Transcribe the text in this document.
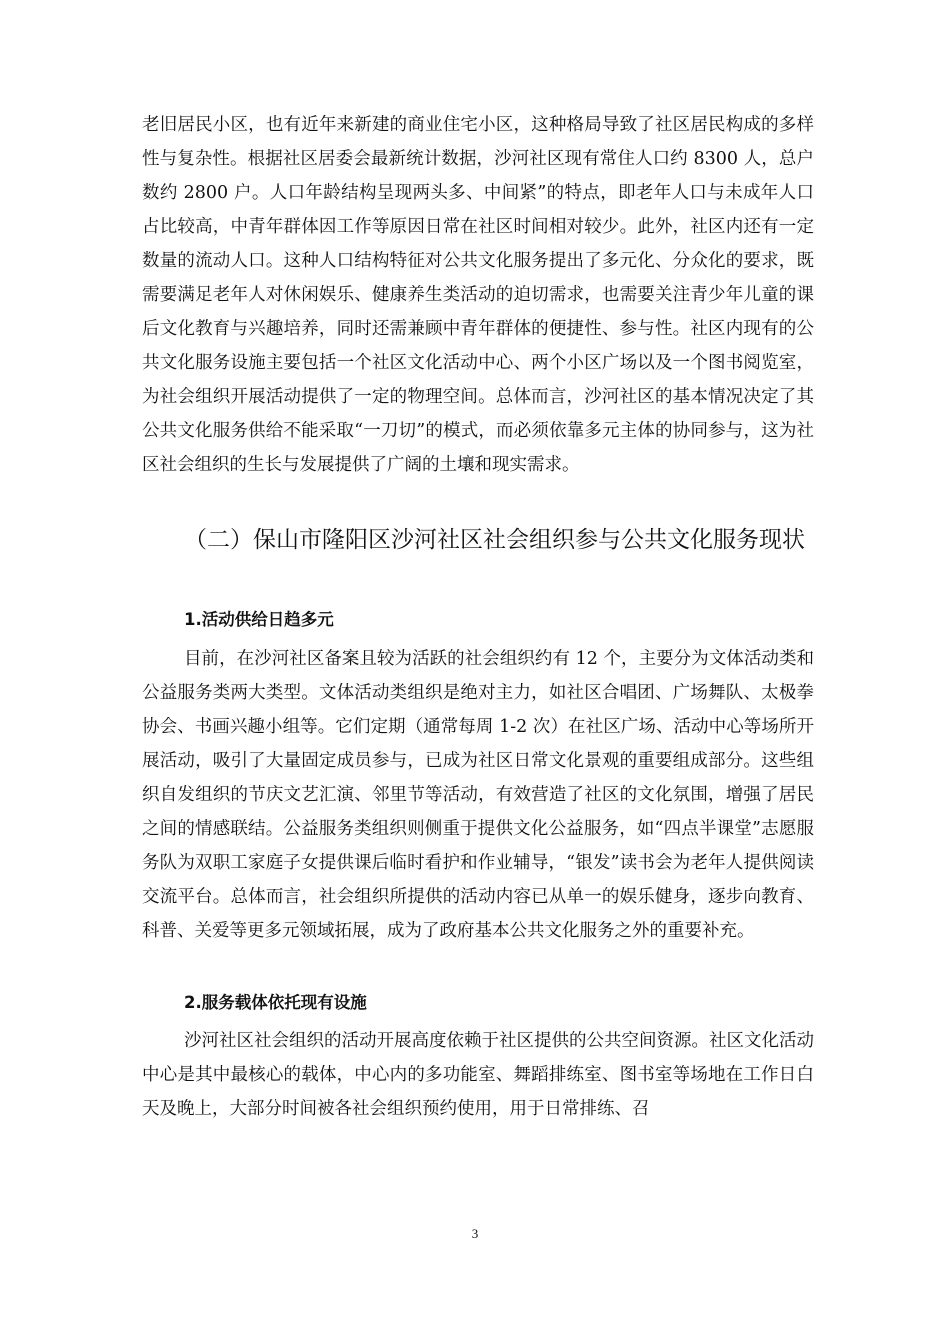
老旧居民小区，也有近年来新建的商业住宅小区，这种格局导致了社区居民构成的多样性与复杂性。根据社区居委会最新统计数据，沙河社区现有常住人口约 8300 人，总户数约 2800 户。人口年龄结构呈现两头多、中间紧”的特点，即老年人口与未成年人口占比较高，中青年群体因工作等原因日常在社区时间相对较少。此外，社区内还有一定数量的流动人口。这种人口结构特征对公共文化服务提出了多元化、分众化的要求，既需要满足老年人对休闲娱乐、健康养生类活动的迫切需求，也需要关注青少年儿童的课后文化教育与兴趣培养，同时还需兼顾中青年群体的便捷性、参与性。社区内现有的公共文化服务设施主要包括一个社区文化活动中心、两个小区广场以及一个图书阅览室，为社会组织开展活动提供了一定的物理空间。总体而言，沙河社区的基本情况决定了其公共文化服务供给不能采取“一刀切”的模式，而必须依靠多元主体的协同参与，这为社区社会组织的生长与发展提供了广阔的土壤和现实需求。

（二）保山市隆阳区沙河社区社会组织参与公共文化服务现状
1.活动供给日趋多元

目前，在沙河社区备案且较为活跃的社会组织约有 12 个，主要分为文体活动类和公益服务类两大类型。文体活动类组织是绝对主力，如社区合唱团、广场舞队、太极拳协会、书画兴趣小组等。它们定期（通常每周 1-2 次）在社区广场、活动中心等场所开展活动，吸引了大量固定成员参与，已成为社区日常文化景观的重要组成部分。这些组织自发组织的节庆文艺汇演、邻里节等活动，有效营造了社区的文化氛围，增强了居民之间的情感联结。公益服务类组织则侧重于提供文化公益服务，如“四点半课堂”志愿服务队为双职工家庭子女提供课后临时看护和作业辅导，“银发”读书会为老年人提供阅读交流平台。总体而言，社会组织所提供的活动内容已从单一的娱乐健身，逐步向教育、科普、关爱等更多元领域拓展，成为了政府基本公共文化服务之外的重要补充。

2.服务载体依托现有设施

沙河社区社会组织的活动开展高度依赖于社区提供的公共空间资源。社区文化活动中心是其中最核心的载体，中心内的多功能室、舞蹈排练室、图书室等场地在工作日白天及晚上，大部分时间被各社会组织预约使用，用于日常排练、召

3
